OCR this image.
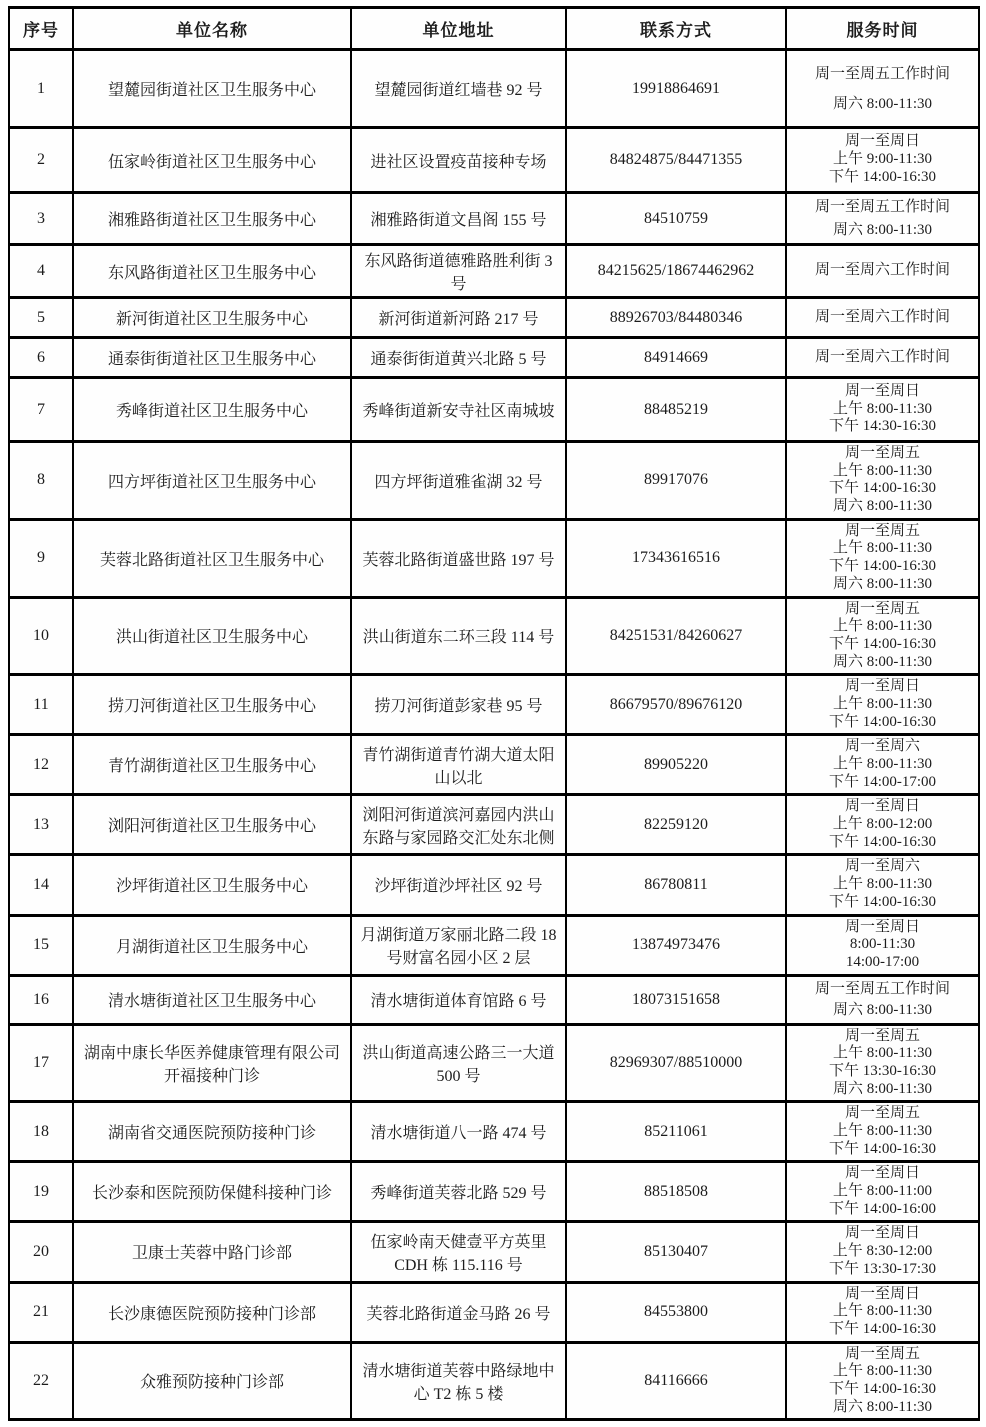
序号	单位名称	单位地址	联系方式	服务时间
1	望麓园街道社区卫生服务中心	望麓园街道红墙巷 92 号	19918864691	周一至周五工作时间
周六 8:00-11:30

2	伍家岭街道社区卫生服务中心	进社区设置疫苗接种专场	84824875/84471355	周一至周日
上午 9:00-11:30
下午 14:00-16:30

3	湘雅路街道社区卫生服务中心	湘雅路街道文昌阁 155 号	84510759	周一至周五工作时间
周六 8:00-11:30

4	东风路街道社区卫生服务中心	东风路街道德雅路胜利街 3 号	84215625/18674462962	周一至周六工作时间

5	新河街道社区卫生服务中心	新河街道新河路 217 号	88926703/84480346	周一至周六工作时间

6	通泰街街道社区卫生服务中心	通泰街街道黄兴北路 5 号	84914669	周一至周六工作时间

7	秀峰街道社区卫生服务中心	秀峰街道新安寺社区南城坡	88485219	周一至周日
上午 8:00-11:30
下午 14:30-16:30

8	四方坪街道社区卫生服务中心	四方坪街道雅雀湖 32 号	89917076	周一至周五
上午 8:00-11:30
下午 14:00-16:30
周六 8:00-11:30

9	芙蓉北路街道社区卫生服务中心	芙蓉北路街道盛世路 197 号	17343616516	周一至周五
上午 8:00-11:30
下午 14:00-16:30
周六 8:00-11:30

10	洪山街道社区卫生服务中心	洪山街道东二环三段 114 号	84251531/84260627	周一至周五
上午 8:00-11:30
下午 14:00-16:30
周六 8:00-11:30

11	捞刀河街道社区卫生服务中心	捞刀河街道彭家巷 95 号	86679570/89676120	周一至周日
上午 8:00-11:30
下午 14:00-16:30

12	青竹湖街道社区卫生服务中心	青竹湖街道青竹湖大道太阳山以北	89905220	周一至周六
上午 8:00-11:30
下午 14:00-17:00

13	浏阳河街道社区卫生服务中心	浏阳河街道滨河嘉园内洪山东路与家园路交汇处东北侧	82259120	周一至周日
上午 8:00-12:00
下午 14:00-16:30

14	沙坪街道社区卫生服务中心	沙坪街道沙坪社区 92 号	86780811	周一至周六
上午 8:00-11:30
下午 14:00-16:30

15	月湖街道社区卫生服务中心	月湖街道万家丽北路二段 18 号财富名园小区 2 层	13874973476	周一至周日
8:00-11:30
14:00-17:00

16	清水塘街道社区卫生服务中心	清水塘街道体育馆路 6 号	18073151658	周一至周五工作时间
周六 8:00-11:30

17	湖南中康长华医养健康管理有限公司开福接种门诊	洪山街道高速公路三一大道 500 号	82969307/88510000	周一至周五
上午 8:00-11:30
下午 13:30-16:30
周六 8:00-11:30

18	湖南省交通医院预防接种门诊	清水塘街道八一路 474 号	85211061	周一至周五
上午 8:00-11:30
下午 14:00-16:30

19	长沙泰和医院预防保健科接种门诊	秀峰街道芙蓉北路 529 号	88518508	周一至周日
上午 8:00-11:00
下午 14:00-16:00

20	卫康士芙蓉中路门诊部	伍家岭南天健壹平方英里 CDH 栋 115.116 号	85130407	周一至周日
上午 8:30-12:00
下午 13:30-17:30

21	长沙康德医院预防接种门诊部	芙蓉北路街道金马路 26 号	84553800	周一至周日
上午 8:00-11:30
下午 14:00-16:30

22	众雅预防接种门诊部	清水塘街道芙蓉中路绿地中心 T2 栋 5 楼	84116666	周一至周五
上午 8:00-11:30
下午 14:00-16:30
周六 8:00-11:30
